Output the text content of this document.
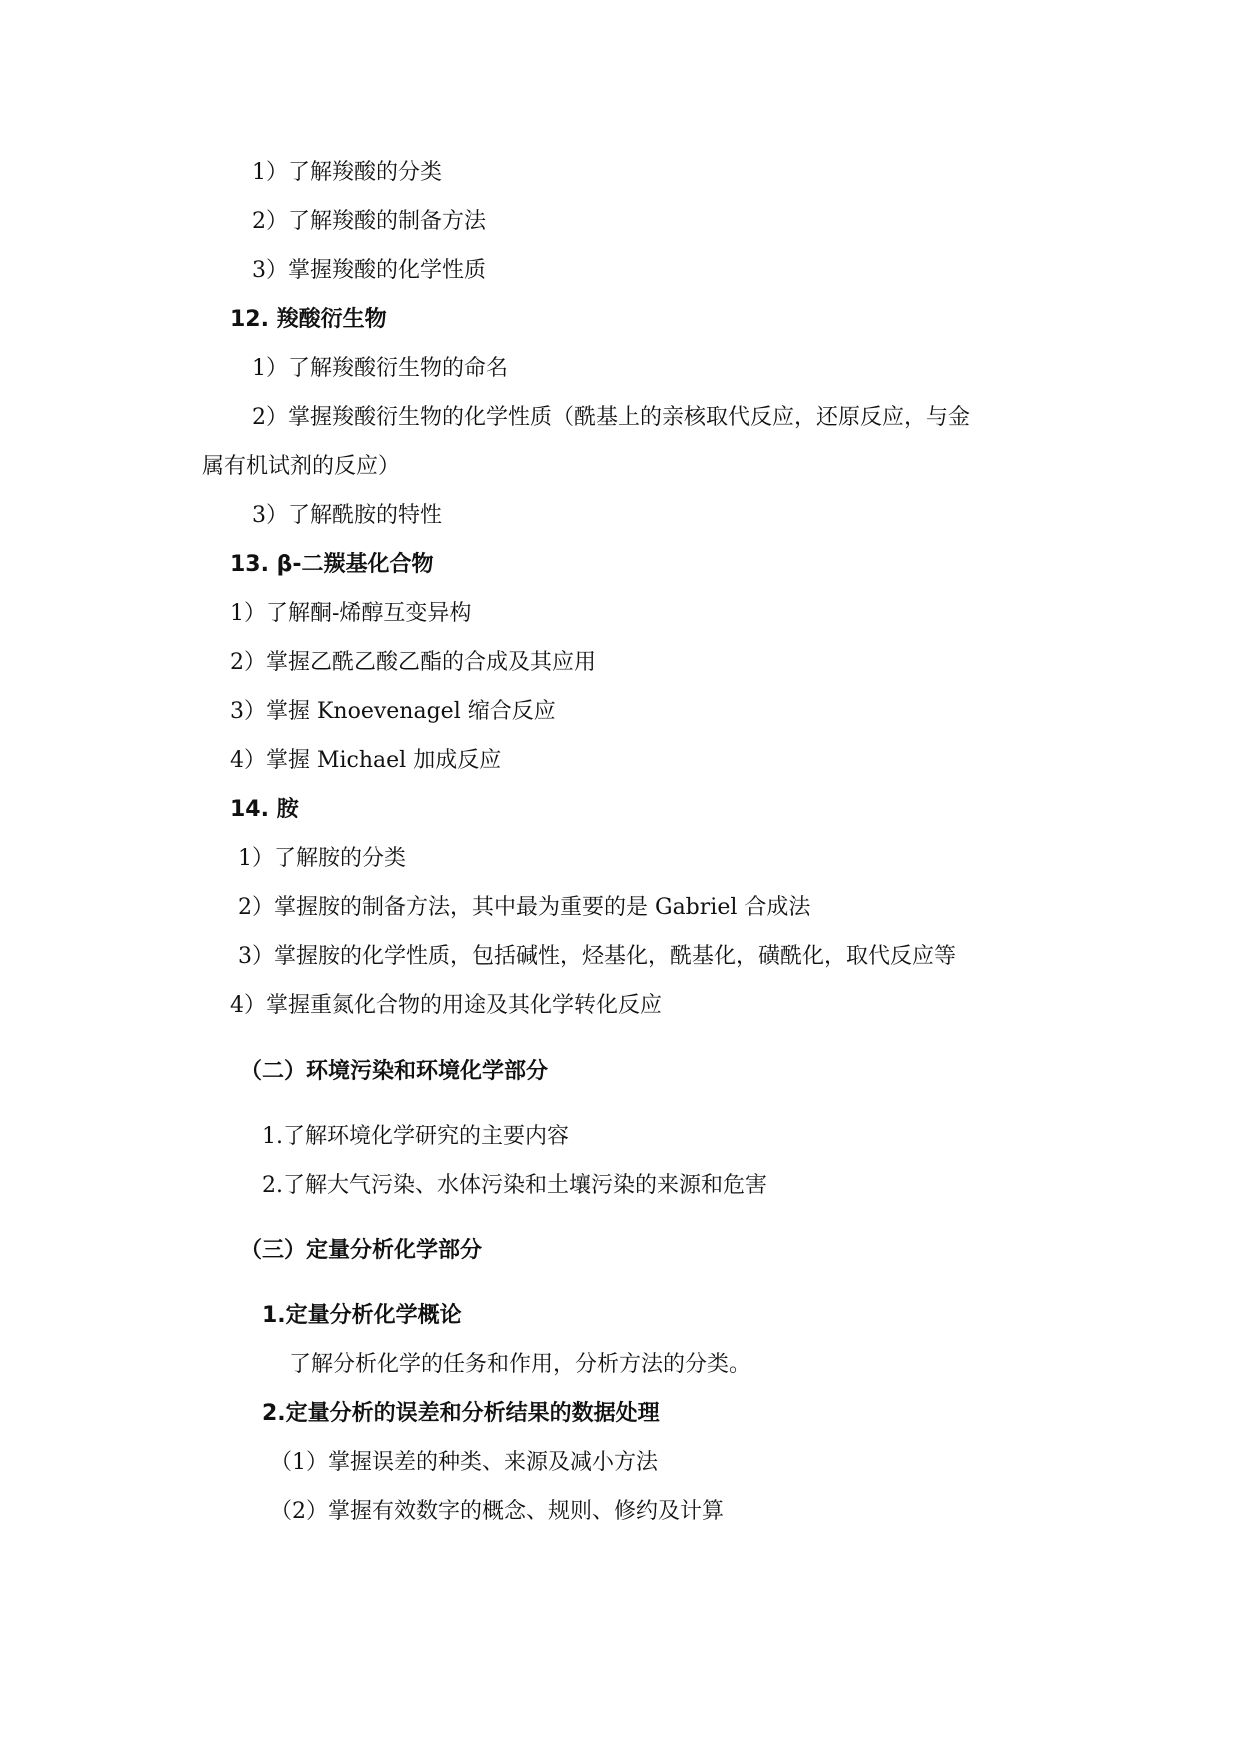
1）了解羧酸的分类
2）了解羧酸的制备方法
3）掌握羧酸的化学性质
12. 羧酸衍生物
1）了解羧酸衍生物的命名
2）掌握羧酸衍生物的化学性质（酰基上的亲核取代反应，还原反应，与金
属有机试剂的反应）
3）了解酰胺的特性
13. β-二羰基化合物
1）了解酮-烯醇互变异构
2）掌握乙酰乙酸乙酯的合成及其应用
3）掌握 Knoevenagel 缩合反应
4）掌握 Michael 加成反应
14. 胺
1）了解胺的分类
2）掌握胺的制备方法，其中最为重要的是 Gabriel 合成法
3）掌握胺的化学性质，包括碱性，烃基化，酰基化，磺酰化，取代反应等
4）掌握重氮化合物的用途及其化学转化反应
（二）环境污染和环境化学部分
1.了解环境化学研究的主要内容
2.了解大气污染、水体污染和土壤污染的来源和危害
（三）定量分析化学部分
1.定量分析化学概论
了解分析化学的任务和作用，分析方法的分类。
2.定量分析的误差和分析结果的数据处理
（1）掌握误差的种类、来源及减小方法
（2）掌握有效数字的概念、规则、修约及计算
